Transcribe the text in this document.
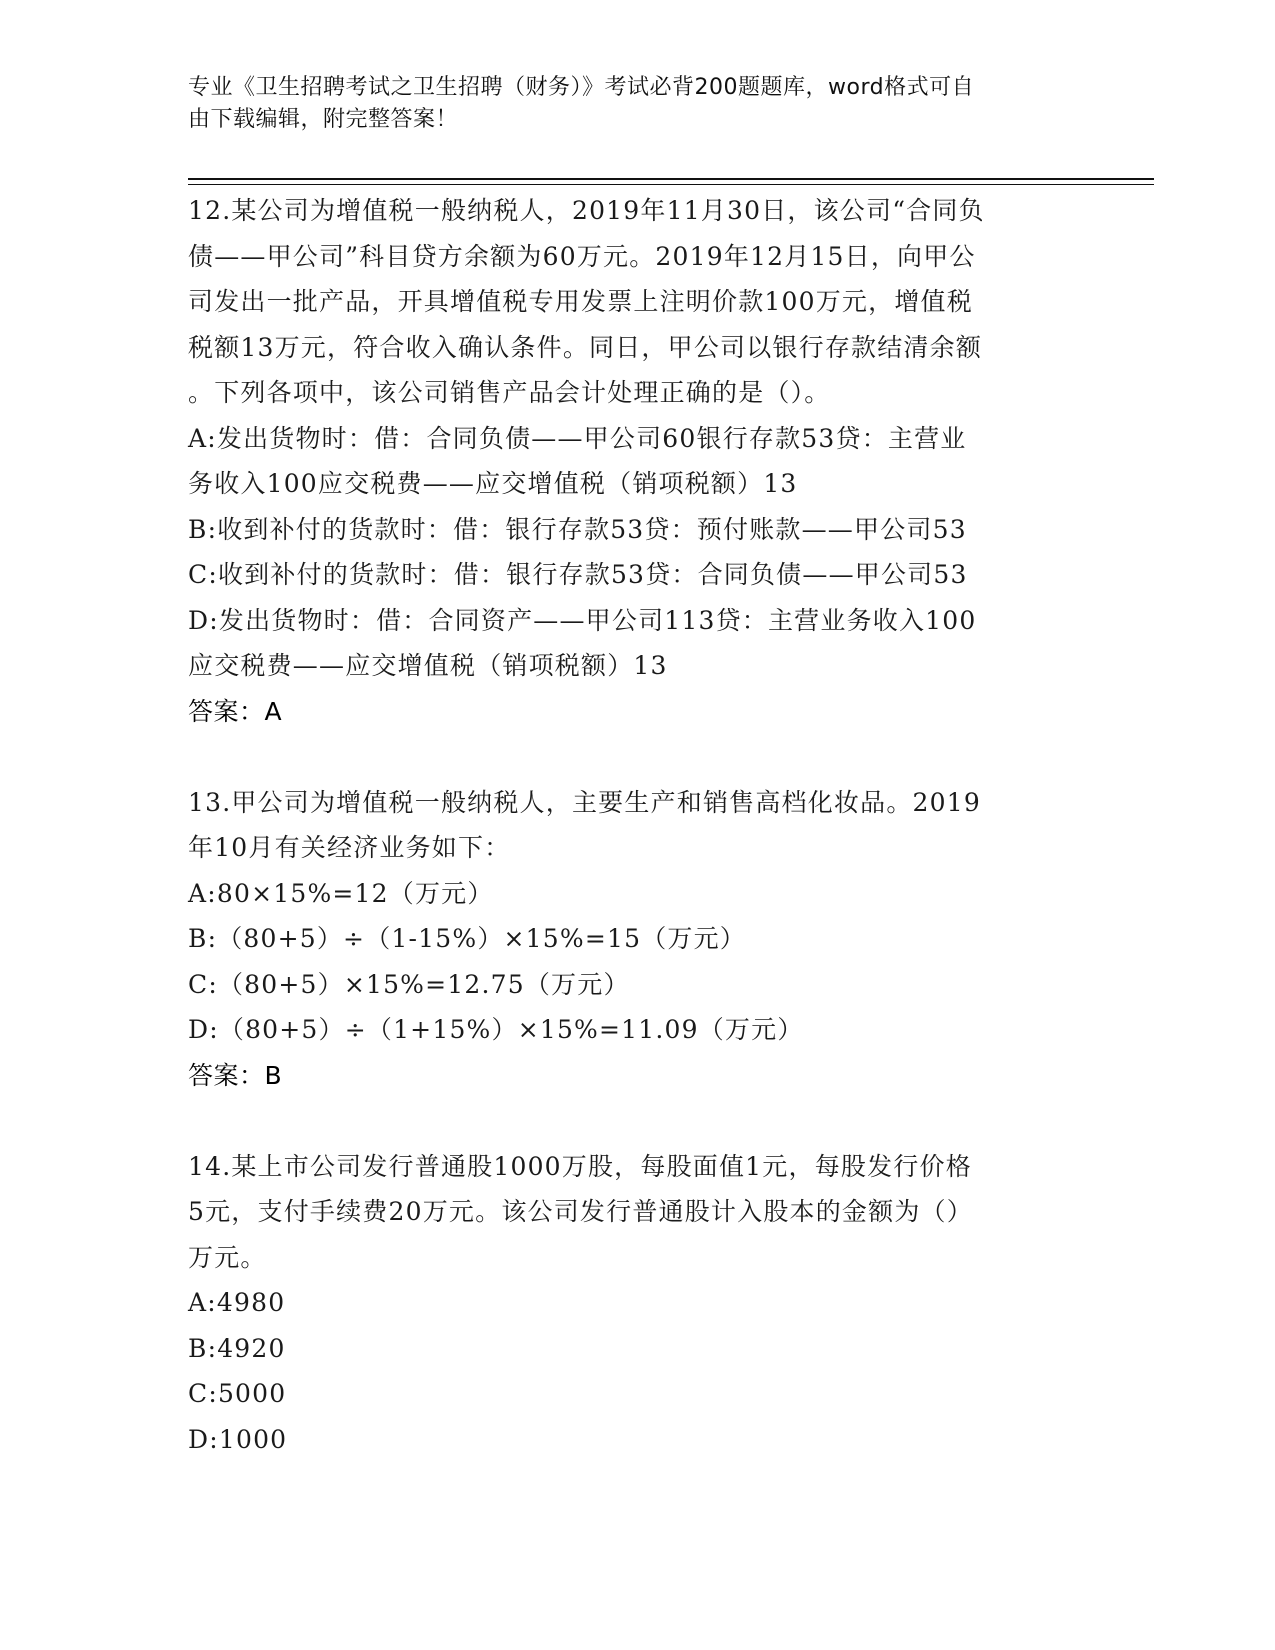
专业《卫生招聘考试之卫生招聘（财务）》考试必背200题题库，word格式可自
由下载编辑，附完整答案！
12.某公司为增值税一般纳税人，2019年11月30日，该公司“合同负
债——甲公司”科目贷方余额为60万元。2019年12月15日，向甲公
司发出一批产品，开具增值税专用发票上注明价款100万元，增值税
税额13万元，符合收入确认条件。同日，甲公司以银行存款结清余额
。下列各项中，该公司销售产品会计处理正确的是（）。
A:发出货物时：借：合同负债——甲公司60银行存款53贷：主营业
务收入100应交税费——应交增值税（销项税额）13
B:收到补付的货款时：借：银行存款53贷：预付账款——甲公司53
C:收到补付的货款时：借：银行存款53贷：合同负债——甲公司53
D:发出货物时：借：合同资产——甲公司113贷：主营业务收入100
应交税费——应交增值税（销项税额）13
答案：A
13.甲公司为增值税一般纳税人，主要生产和销售高档化妆品。2019
年10月有关经济业务如下：
A:80×15%=12（万元）
B:（80+5）÷（1-15%）×15%=15（万元）
C:（80+5）×15%=12.75（万元）
D:（80+5）÷（1+15%）×15%=11.09（万元）
答案：B
14.某上市公司发行普通股1000万股，每股面值1元，每股发行价格
5元，支付手续费20万元。该公司发行普通股计入股本的金额为（）
万元。
A:4980
B:4920
C:5000
D:1000
